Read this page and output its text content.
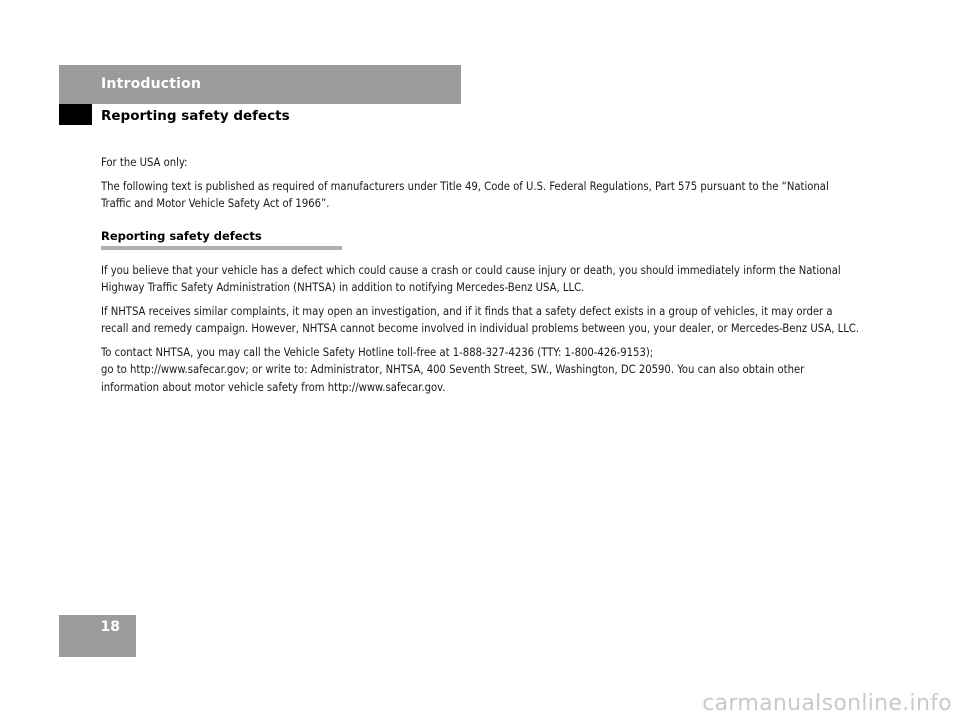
Introduction
Reporting safety defects

For the USA only:

The following text is published as required of manufacturers under Title 49, Code of U.S. Federal Regulations, Part 575 pursuant to the “National Traffic and Motor Vehicle Safety Act of 1966”.

Reporting safety defects

If you believe that your vehicle has a defect which could cause a crash or could cause injury or death, you should immediately inform the National Highway Traffic Safety Administration (NHTSA) in addition to notifying Mercedes-Benz USA, LLC.

If NHTSA receives similar complaints, it may open an investigation, and if it finds that a safety defect exists in a group of vehicles, it may order a recall and remedy campaign. However, NHTSA cannot become involved in individual problems between you, your dealer, or Mercedes-Benz USA, LLC.

To contact NHTSA, you may call the Vehicle Safety Hotline toll-free at 1-888-327-4236 (TTY: 1-800-426-9153);

go to http://www.safecar.gov; or write to: Administrator, NHTSA, 400 Seventh Street, SW., Washington, DC 20590. You can also obtain other information about motor vehicle safety from http://www.safecar.gov.

18
carmanualsonline.info
